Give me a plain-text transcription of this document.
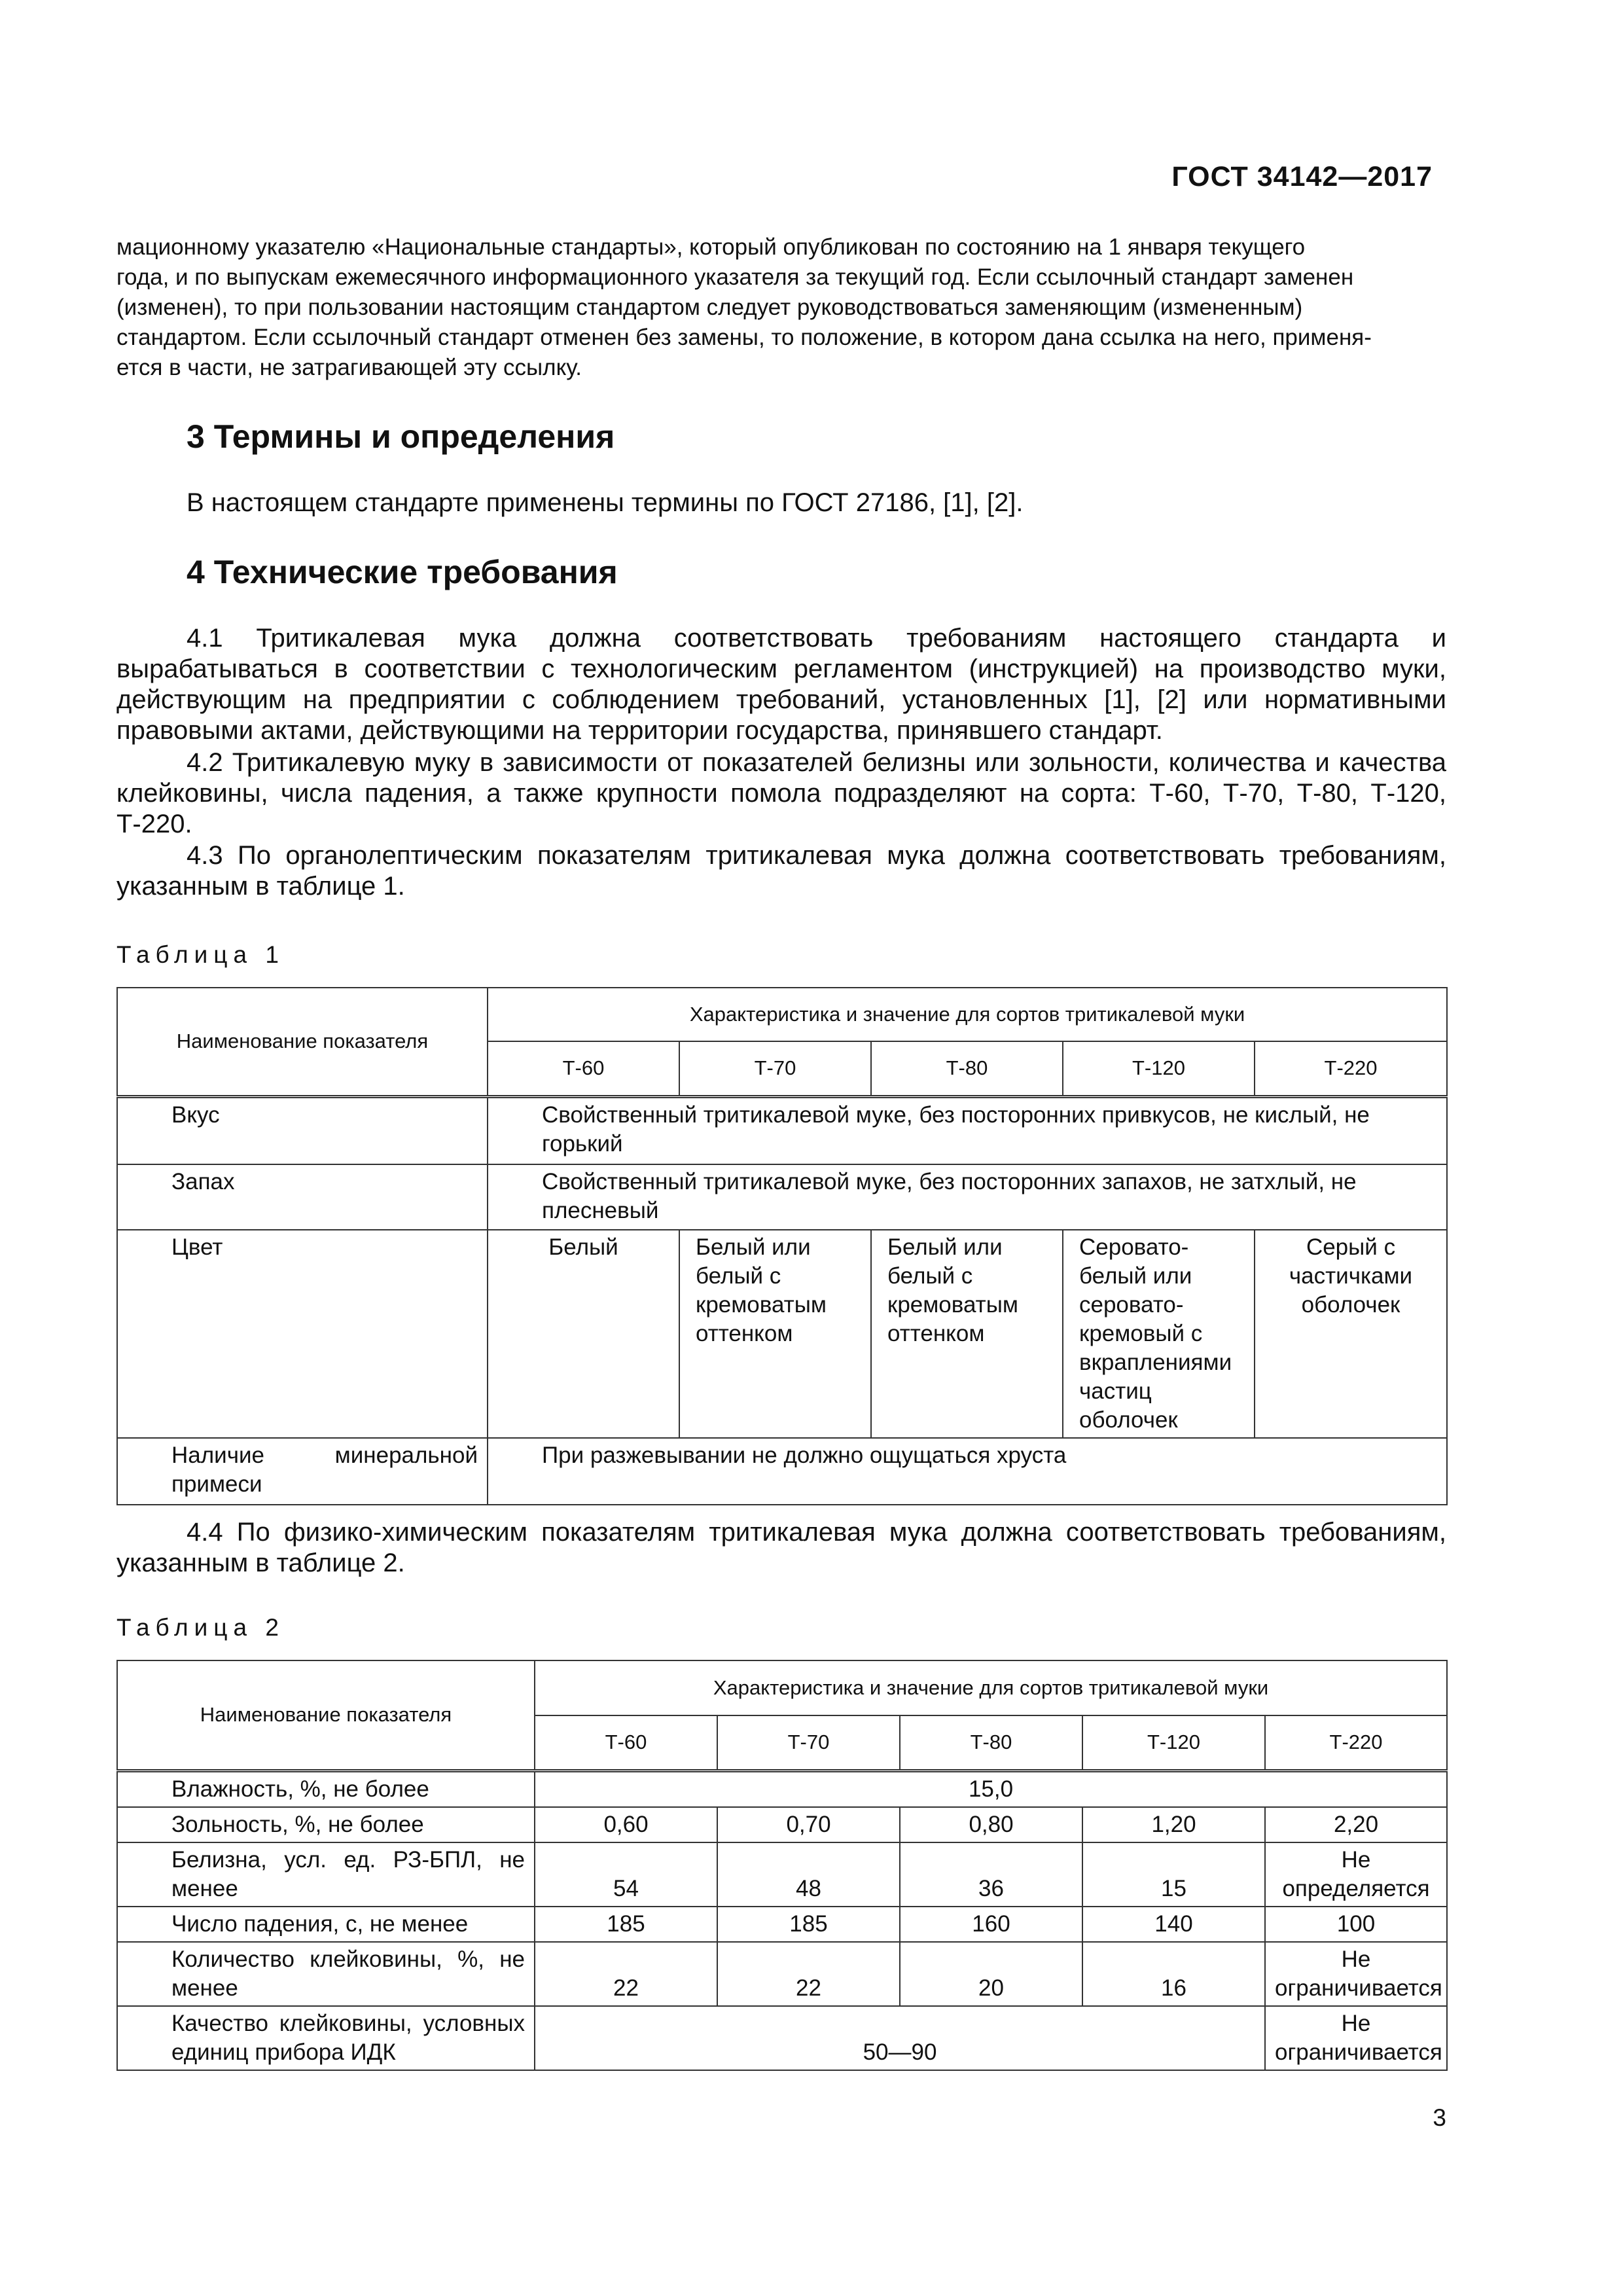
ГОСТ 34142—2017
мационному указателю «Национальные стандарты», который опубликован по состоянию на 1 января текущего
года, и по выпускам ежемесячного информационного указателя за текущий год. Если ссылочный стандарт заменен
(изменен), то при пользовании настоящим стандартом следует руководствоваться заменяющим (измененным)
стандартом. Если ссылочный стандарт отменен без замены, то положение, в котором дана ссылка на него, применя-
ется в части, не затрагивающей эту ссылку.
3 Термины и определения
В настоящем стандарте применены термины по ГОСТ 27186, [1], [2].
4 Технические требования
4.1 Тритикалевая мука должна соответствовать требованиям настоящего стандарта и вырабатываться в соответствии с технологическим регламентом (инструкцией) на производство муки, действующим на предприятии с соблюдением требований, установленных [1], [2] или нормативными правовыми актами, действующими на территории государства, принявшего стандарт.
4.2 Тритикалевую муку в зависимости от показателей белизны или зольности, количества и качества клейковины, числа падения, а также крупности помола подразделяют на сорта: Т-60, Т-70, Т-80, Т-120, Т-220.
4.3 По органолептическим показателям тритикалевая мука должна соответствовать требованиям, указанным в таблице 1.
Таблица 1
Наименование показателя	Характеристика и значение для сортов тритикалевой муки				
	Т-60	Т-70	Т-80	Т-120	Т-220
Вкус	Свойственный тритикалевой муке, без посторонних привкусов, не кислый, не горький				
Запах	Свойственный тритикалевой муке, без посторонних запахов, не затхлый, не плесневый				
Цвет	Белый	Белый или белый с кремоватым оттенком	Белый или белый с кремоватым оттенком	Серовато-белый или серовато-кремовый с вкраплениями частиц оболочек	Серый с частичками оболочек
Наличие минеральной примеси	При разжевывании не должно ощущаться хруста				
4.4 По физико-химическим показателям тритикалевая мука должна соответствовать требованиям, указанным в таблице 2.
Таблица 2
Наименование показателя	Характеристика и значение для сортов тритикалевой муки				
	Т-60	Т-70	Т-80	Т-120	Т-220
Влажность, %, не более	15,0				
Зольность, %, не более	0,60	0,70	0,80	1,20	2,20
Белизна, усл. ед. РЗ-БПЛ, не менее	54	48	36	15	Не определяется
Число падения, с, не менее	185	185	160	140	100
Количество клейковины, %, не менее	22	22	20	16	Не ограничивается
Качество клейковины, условных единиц прибора ИДК	50—90				Не ограничивается
3
